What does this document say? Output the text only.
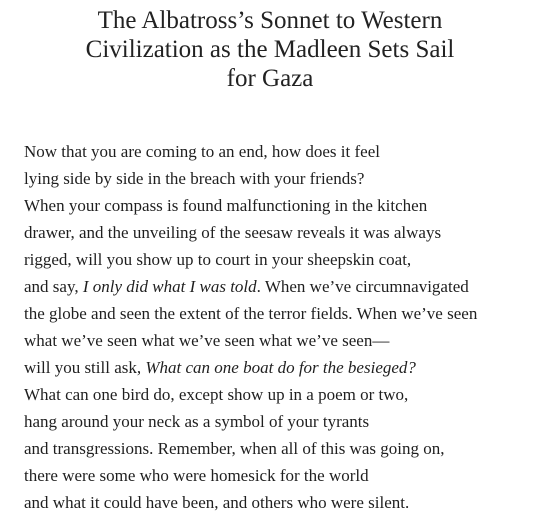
The Albatross’s Sonnet to Western
Civilization as the Madleen Sets Sail
for Gaza
Now that you are coming to an end, how does it feel
lying side by side in the breach with your friends?
When your compass is found malfunctioning in the kitchen
drawer, and the unveiling of the seesaw reveals it was always
rigged, will you show up to court in your sheepskin coat,
and say, I only did what I was told. When we’ve circumnavigated
the globe and seen the extent of the terror fields. When we’ve seen
what we’ve seen what we’ve seen what we’ve seen—
will you still ask, What can one boat do for the besieged?
What can one bird do, except show up in a poem or two,
hang around your neck as a symbol of your tyrants
and transgressions. Remember, when all of this was going on,
there were some who were homesick for the world
and what it could have been, and others who were silent.
